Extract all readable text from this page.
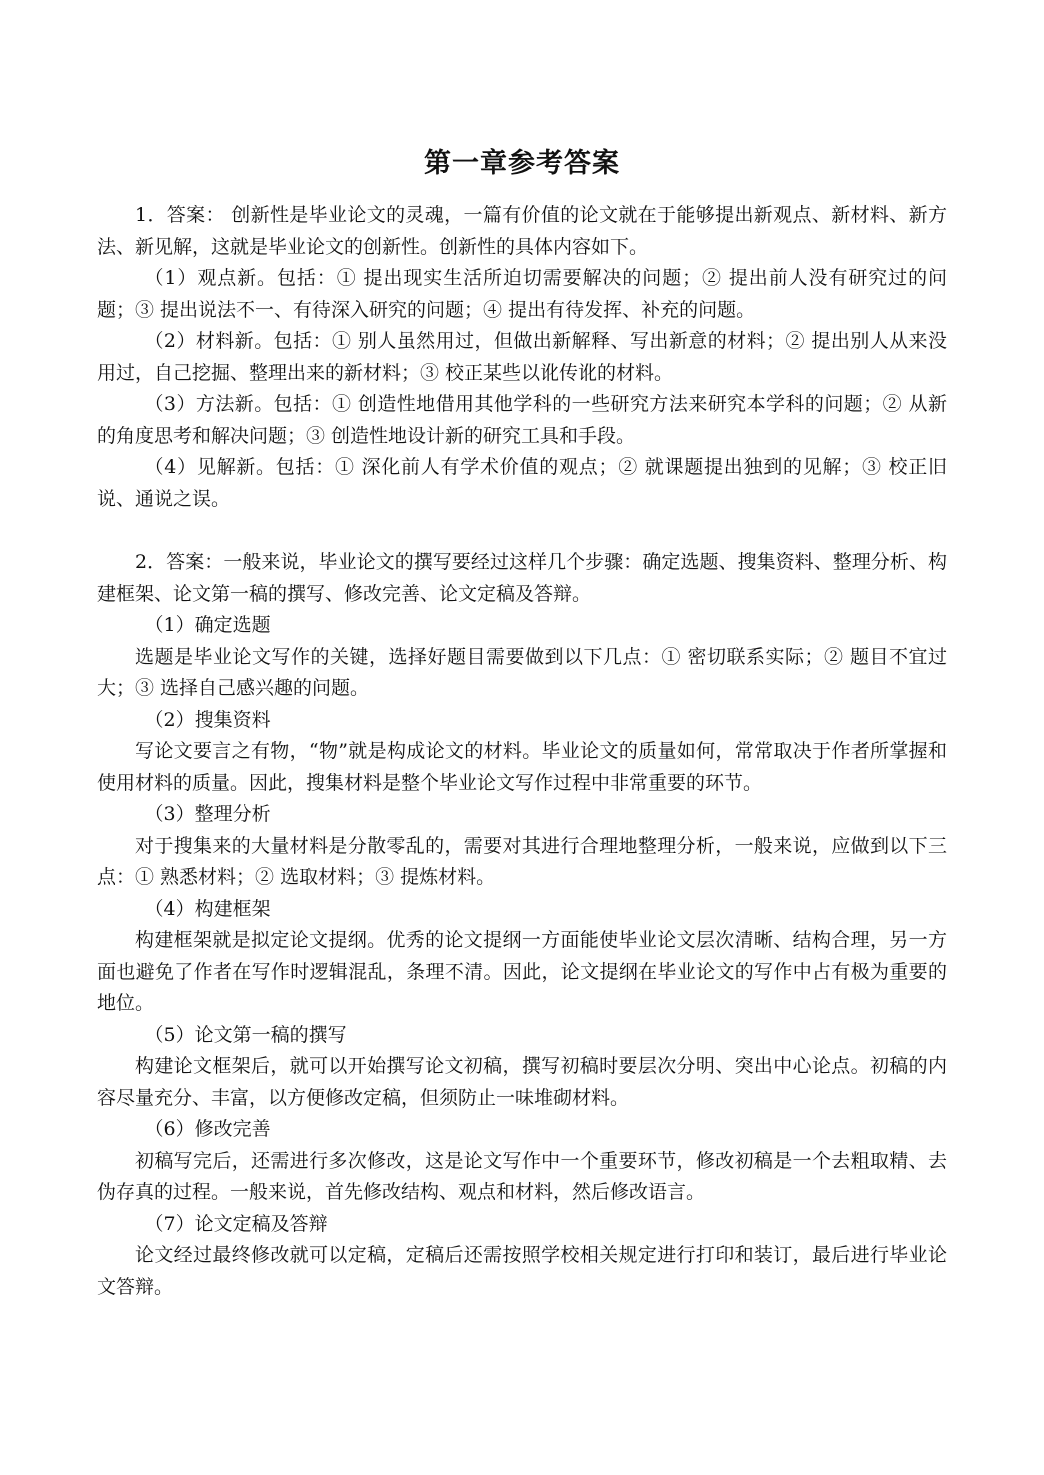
第一章参考答案

1．答案： 创新性是毕业论文的灵魂，一篇有价值的论文就在于能够提出新观点、新材料、新方法、新见解，这就是毕业论文的创新性。创新性的具体内容如下。

（1）观点新。包括：① 提出现实生活所迫切需要解决的问题；② 提出前人没有研究过的问题；③ 提出说法不一、有待深入研究的问题；④ 提出有待发挥、补充的问题。

（2）材料新。包括：① 别人虽然用过，但做出新解释、写出新意的材料；② 提出别人从来没用过，自己挖掘、整理出来的新材料；③ 校正某些以讹传讹的材料。

（3）方法新。包括：① 创造性地借用其他学科的一些研究方法来研究本学科的问题；② 从新的角度思考和解决问题；③ 创造性地设计新的研究工具和手段。

（4）见解新。包括：① 深化前人有学术价值的观点；② 就课题提出独到的见解；③ 校正旧说、通说之误。

2．答案：一般来说，毕业论文的撰写要经过这样几个步骤：确定选题、搜集资料、整理分析、构建框架、论文第一稿的撰写、修改完善、论文定稿及答辩。

（1）确定选题

选题是毕业论文写作的关键，选择好题目需要做到以下几点：① 密切联系实际；② 题目不宜过大；③ 选择自己感兴趣的问题。

（2）搜集资料

写论文要言之有物，“物”就是构成论文的材料。毕业论文的质量如何，常常取决于作者所掌握和使用材料的质量。因此，搜集材料是整个毕业论文写作过程中非常重要的环节。

（3）整理分析

对于搜集来的大量材料是分散零乱的，需要对其进行合理地整理分析，一般来说，应做到以下三点：① 熟悉材料；② 选取材料；③ 提炼材料。

（4）构建框架

构建框架就是拟定论文提纲。优秀的论文提纲一方面能使毕业论文层次清晰、结构合理，另一方面也避免了作者在写作时逻辑混乱，条理不清。因此，论文提纲在毕业论文的写作中占有极为重要的地位。

（5）论文第一稿的撰写

构建论文框架后，就可以开始撰写论文初稿，撰写初稿时要层次分明、突出中心论点。初稿的内容尽量充分、丰富，以方便修改定稿，但须防止一味堆砌材料。

（6）修改完善

初稿写完后，还需进行多次修改，这是论文写作中一个重要环节，修改初稿是一个去粗取精、去伪存真的过程。一般来说，首先修改结构、观点和材料，然后修改语言。

（7）论文定稿及答辩

论文经过最终修改就可以定稿，定稿后还需按照学校相关规定进行打印和装订，最后进行毕业论文答辩。
